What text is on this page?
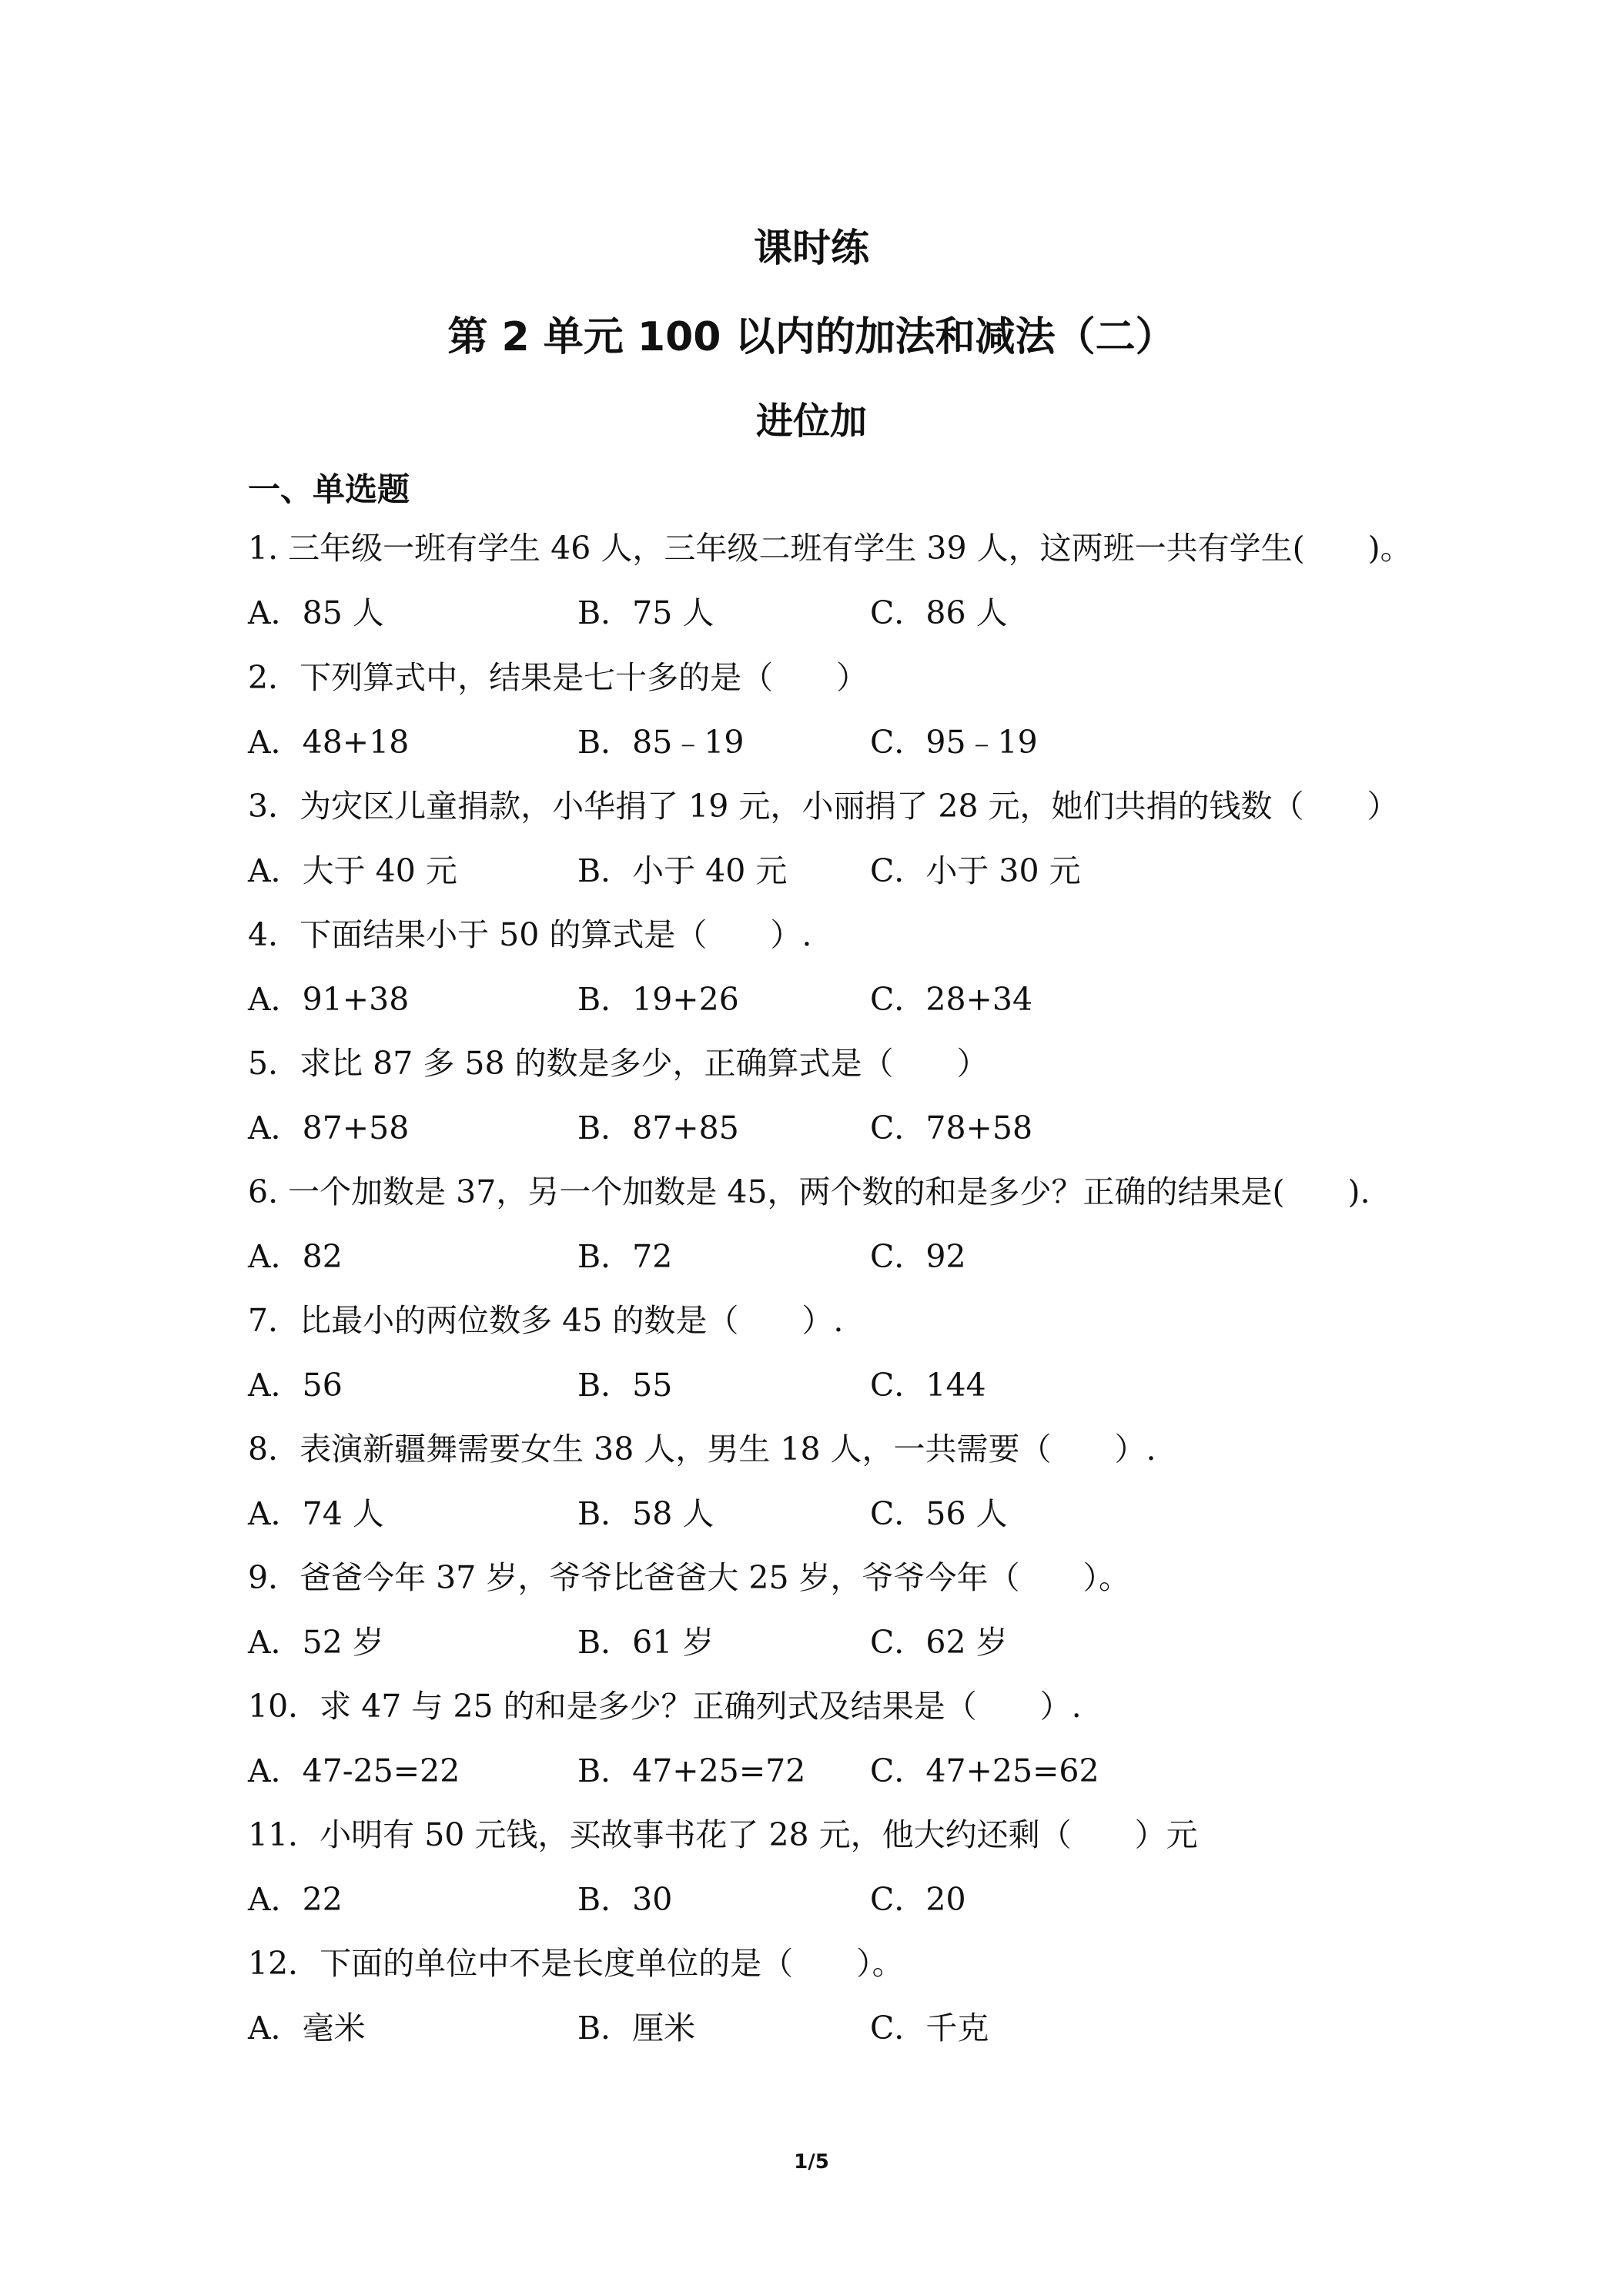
课时练
第 2 单元 100 以内的加法和减法（二）
进位加
一、单选题
1. 三年级一班有学生 46 人，三年级二班有学生 39 人，这两班一共有学生(　　)。
A．85 人	B．75 人	C．86 人
2．下列算式中，结果是七十多的是（　　）
A．48+18	B．85﹣19	C．95﹣19
3．为灾区儿童捐款，小华捐了 19 元，小丽捐了 28 元，她们共捐的钱数（　　）
A．大于 40 元	B．小于 40 元	C．小于 30 元
4．下面结果小于 50 的算式是（　　）.
A．91+38	B．19+26	C．28+34
5．求比 87 多 58 的数是多少，正确算式是（　　）
A．87+58	B．87+85	C．78+58
6. 一个加数是 37，另一个加数是 45，两个数的和是多少？正确的结果是(　　).
A．82	B．72	C．92
7．比最小的两位数多 45 的数是（　　）.
A．56	B．55	C．144
8．表演新疆舞需要女生 38 人，男生 18 人，一共需要（　　）.
A．74 人	B．58 人	C．56 人
9．爸爸今年 37 岁，爷爷比爸爸大 25 岁，爷爷今年（　　）。
A．52 岁	B．61 岁	C．62 岁
10．求 47 与 25 的和是多少？正确列式及结果是（　　）.
A．47-25=22	B．47+25=72 C．47+25=62
11．小明有 50 元钱，买故事书花了 28 元，他大约还剩（　　）元
A．22	B．30	C．20
12．下面的单位中不是长度单位的是（　　）。
A．毫米	B．厘米	C．千克
1/5
